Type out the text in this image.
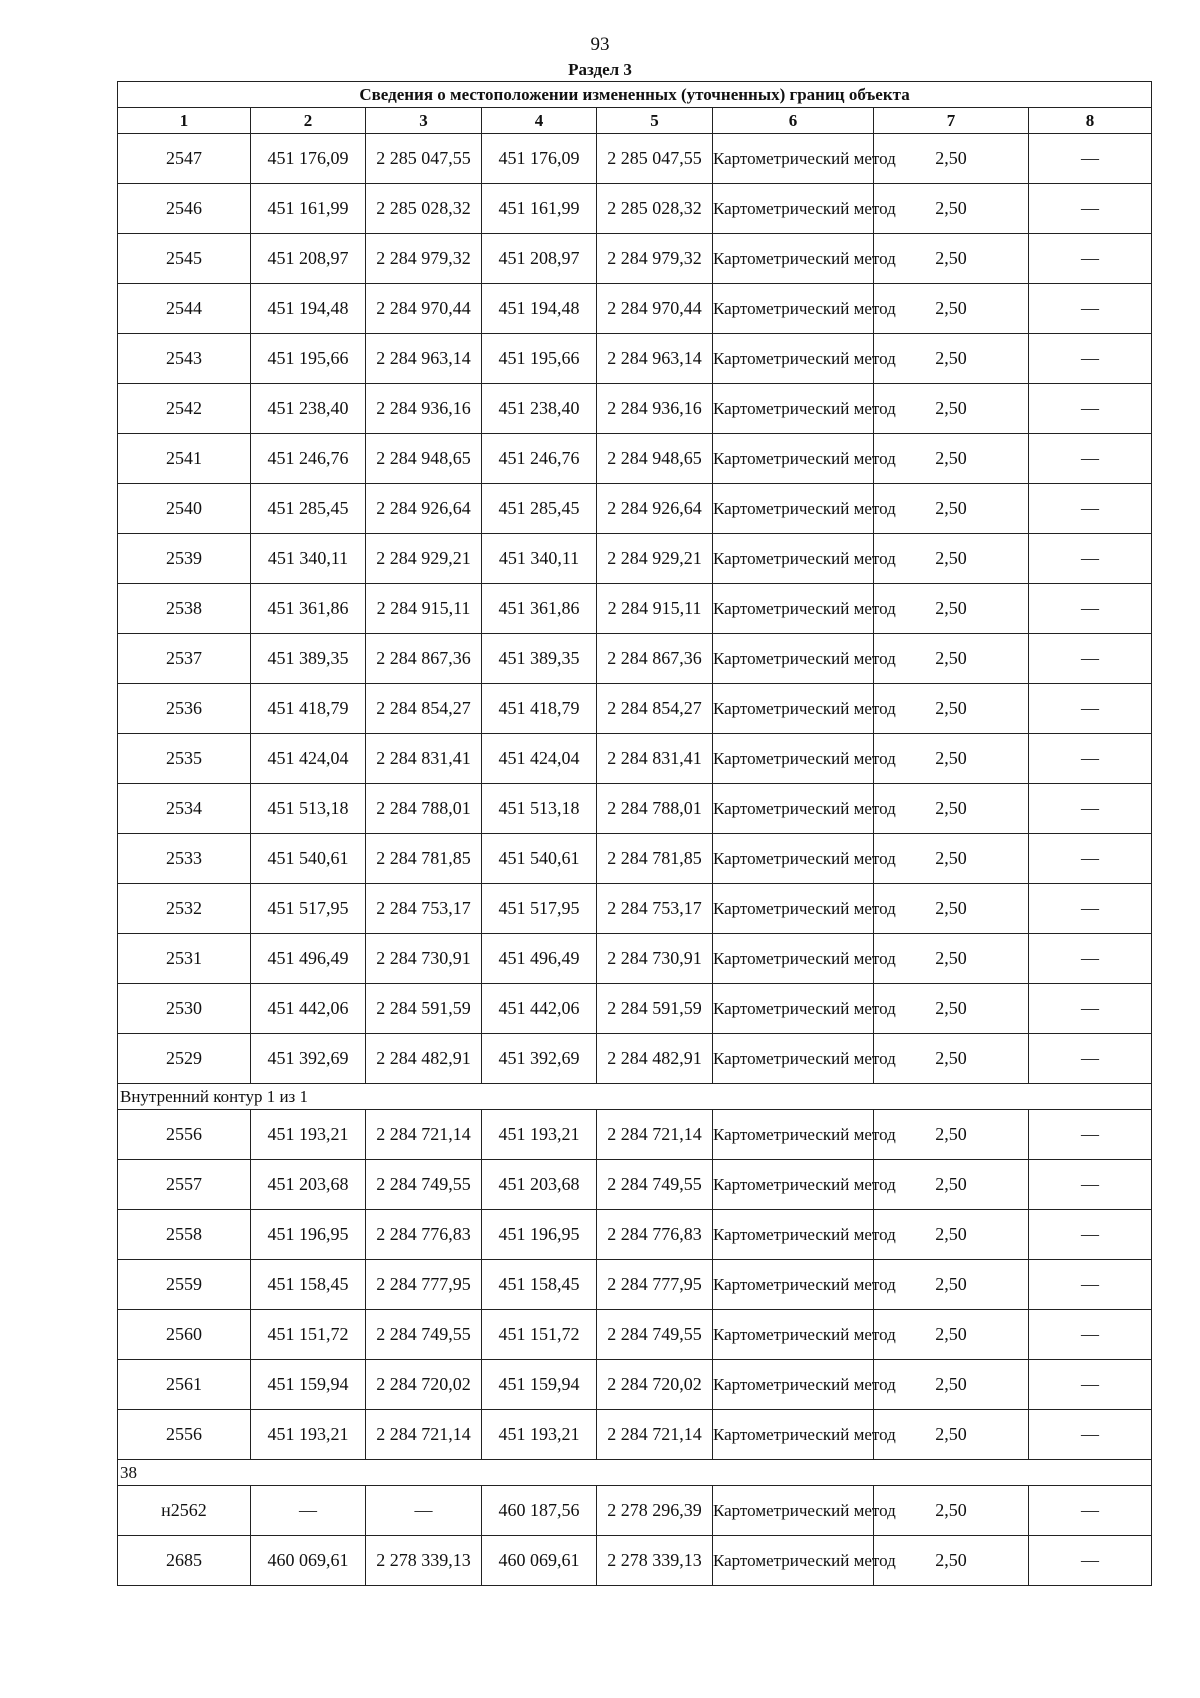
93
Раздел 3
Сведения о местоположении измененных (уточненных) границ объекта							
1	2	3	4	5	6	7	8
2547	451 176,09	2 285 047,55	451 176,09	2 285 047,55	Картометрический метод	2,50	—
2546	451 161,99	2 285 028,32	451 161,99	2 285 028,32	Картометрический метод	2,50	—
2545	451 208,97	2 284 979,32	451 208,97	2 284 979,32	Картометрический метод	2,50	—
2544	451 194,48	2 284 970,44	451 194,48	2 284 970,44	Картометрический метод	2,50	—
2543	451 195,66	2 284 963,14	451 195,66	2 284 963,14	Картометрический метод	2,50	—
2542	451 238,40	2 284 936,16	451 238,40	2 284 936,16	Картометрический метод	2,50	—
2541	451 246,76	2 284 948,65	451 246,76	2 284 948,65	Картометрический метод	2,50	—
2540	451 285,45	2 284 926,64	451 285,45	2 284 926,64	Картометрический метод	2,50	—
2539	451 340,11	2 284 929,21	451 340,11	2 284 929,21	Картометрический метод	2,50	—
2538	451 361,86	2 284 915,11	451 361,86	2 284 915,11	Картометрический метод	2,50	—
2537	451 389,35	2 284 867,36	451 389,35	2 284 867,36	Картометрический метод	2,50	—
2536	451 418,79	2 284 854,27	451 418,79	2 284 854,27	Картометрический метод	2,50	—
2535	451 424,04	2 284 831,41	451 424,04	2 284 831,41	Картометрический метод	2,50	—
2534	451 513,18	2 284 788,01	451 513,18	2 284 788,01	Картометрический метод	2,50	—
2533	451 540,61	2 284 781,85	451 540,61	2 284 781,85	Картометрический метод	2,50	—
2532	451 517,95	2 284 753,17	451 517,95	2 284 753,17	Картометрический метод	2,50	—
2531	451 496,49	2 284 730,91	451 496,49	2 284 730,91	Картометрический метод	2,50	—
2530	451 442,06	2 284 591,59	451 442,06	2 284 591,59	Картометрический метод	2,50	—
2529	451 392,69	2 284 482,91	451 392,69	2 284 482,91	Картометрический метод	2,50	—
Внутренний контур 1 из 1							
2556	451 193,21	2 284 721,14	451 193,21	2 284 721,14	Картометрический метод	2,50	—
2557	451 203,68	2 284 749,55	451 203,68	2 284 749,55	Картометрический метод	2,50	—
2558	451 196,95	2 284 776,83	451 196,95	2 284 776,83	Картометрический метод	2,50	—
2559	451 158,45	2 284 777,95	451 158,45	2 284 777,95	Картометрический метод	2,50	—
2560	451 151,72	2 284 749,55	451 151,72	2 284 749,55	Картометрический метод	2,50	—
2561	451 159,94	2 284 720,02	451 159,94	2 284 720,02	Картометрический метод	2,50	—
2556	451 193,21	2 284 721,14	451 193,21	2 284 721,14	Картометрический метод	2,50	—
38							
н2562	—	—	460 187,56	2 278 296,39	Картометрический метод	2,50	—
2685	460 069,61	2 278 339,13	460 069,61	2 278 339,13	Картометрический метод	2,50	—
